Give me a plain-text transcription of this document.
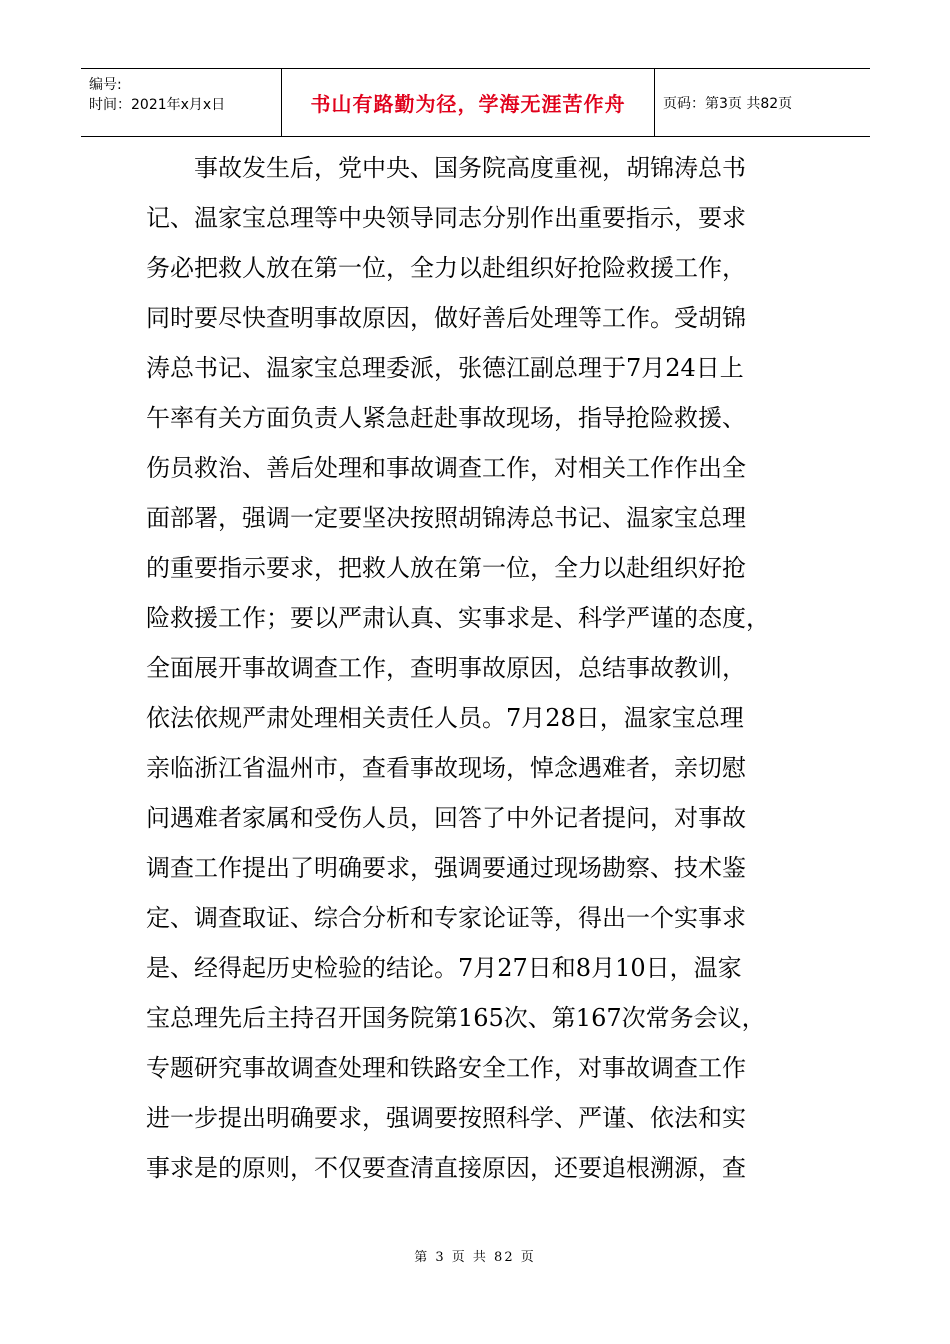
编号:
时间：2021年x月x日	书山有路勤为径，学海无涯苦作舟	页码：第3页 共82页

　　事故发生后，党中央、国务院高度重视，胡锦涛总书

记、温家宝总理等中央领导同志分别作出重要指示，要求

务必把救人放在第一位，全力以赴组织好抢险救援工作，

同时要尽快查明事故原因，做好善后处理等工作。受胡锦

涛总书记、温家宝总理委派，张德江副总理于7月24日上

午率有关方面负责人紧急赶赴事故现场，指导抢险救援、

伤员救治、善后处理和事故调查工作，对相关工作作出全

面部署，强调一定要坚决按照胡锦涛总书记、温家宝总理

的重要指示要求，把救人放在第一位，全力以赴组织好抢

险救援工作；要以严肃认真、实事求是、科学严谨的态度，

全面展开事故调查工作，查明事故原因，总结事故教训，

依法依规严肃处理相关责任人员。7月28日，温家宝总理

亲临浙江省温州市，查看事故现场，悼念遇难者，亲切慰

问遇难者家属和受伤人员，回答了中外记者提问，对事故

调查工作提出了明确要求，强调要通过现场勘察、技术鉴

定、调查取证、综合分析和专家论证等，得出一个实事求

是、经得起历史检验的结论。7月27日和8月10日，温家

宝总理先后主持召开国务院第165次、第167次常务会议，

专题研究事故调查处理和铁路安全工作，对事故调查工作

进一步提出明确要求，强调要按照科学、严谨、依法和实

事求是的原则，不仅要查清直接原因，还要追根溯源，查

第 3 页 共 82 页
